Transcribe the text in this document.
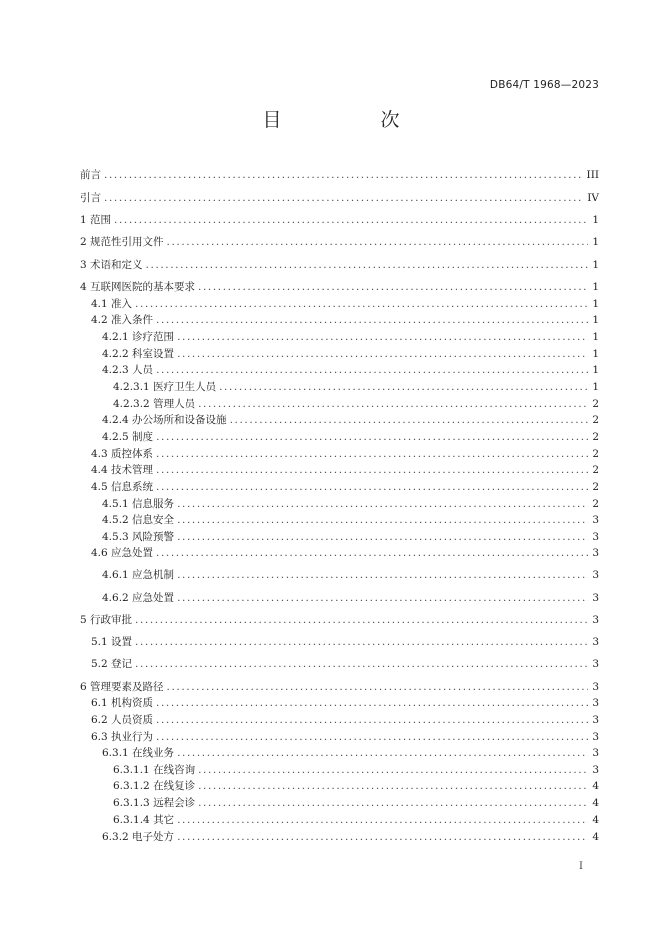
DB64/T 1968—2023
目　次
前言 .....	III
引言 .....	IV
1 范围 .....	1
2 规范性引用文件 .....	1
3 术语和定义 .....	1
4 互联网医院的基本要求 .....	1
4.1 准入 .....	1
4.2 准入条件 .....	1
4.2.1 诊疗范围 .....	1
4.2.2 科室设置 .....	1
4.2.3 人员 .....	1
4.2.3.1 医疗卫生人员 .....	1
4.2.3.2 管理人员 .....	2
4.2.4 办公场所和设备设施 .....	2
4.2.5 制度 .....	2
4.3 质控体系 .....	2
4.4 技术管理 .....	2
4.5 信息系统 .....	2
4.5.1 信息服务 .....	2
4.5.2 信息安全 .....	3
4.5.3 风险预警 .....	3
4.6 应急处置 .....	3
4.6.1 应急机制 .....	3
4.6.2 应急处置 .....	3
5 行政审批 .....	3
5.1 设置 .....	3
5.2 登记 .....	3
6 管理要素及路径 .....	3
6.1 机构资质 .....	3
6.2 人员资质 .....	3
6.3 执业行为 .....	3
6.3.1 在线业务 .....	3
6.3.1.1 在线咨询 .....	3
6.3.1.2 在线复诊 .....	4
6.3.1.3 远程会诊 .....	4
6.3.1.4 其它 .....	4
6.3.2 电子处方 .....	4
I
